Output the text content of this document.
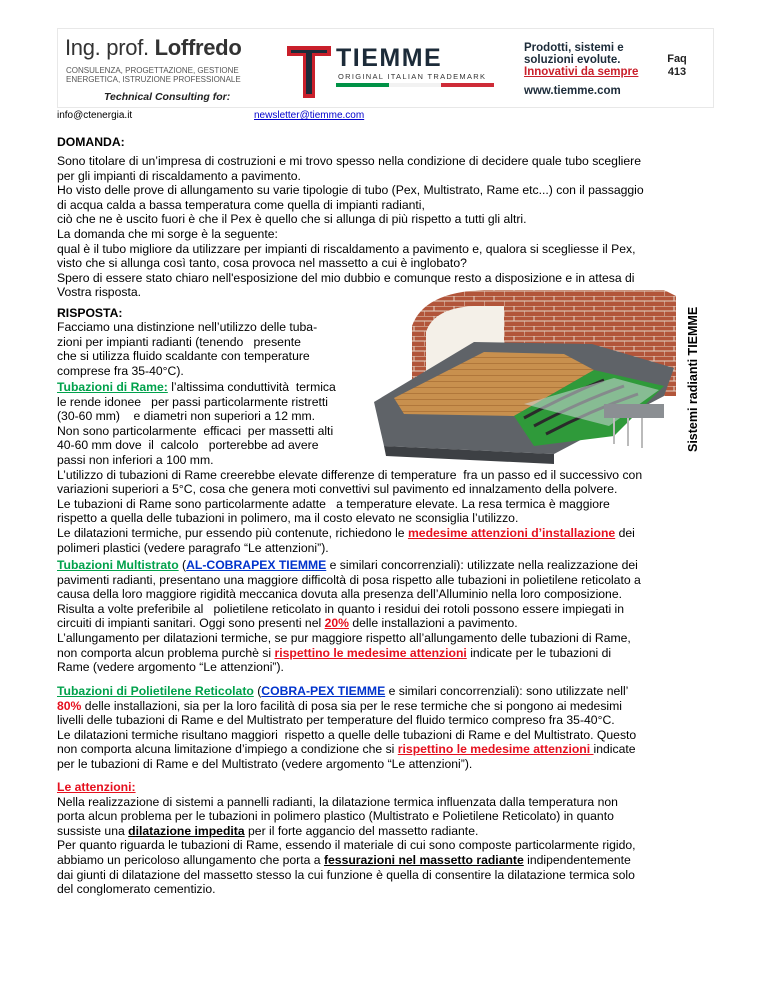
Ing. prof. Loffredo
CONSULENZA, PROGETTAZIONE, GESTIONE
ENERGETICA, ISTRUZIONE PROFESSIONALE
Technical Consulting for:
TIEMME
ORIGINAL ITALIAN TRADEMARK
Prodotti, sistemi e
soluzioni evolute.
Innovativi da sempre
www.tiemme.com
Faq
413
info@ctenergia.it	newsletter@tiemme.com

DOMANDA:

Sono titolare di un’impresa di costruzioni e mi trovo spesso nella condizione di decidere quale tubo scegliere
per gli impianti di riscaldamento a pavimento.
Ho visto delle prove di allungamento su varie tipologie di tubo (Pex, Multistrato, Rame etc...) con il passaggio
di acqua calda a bassa temperatura come quella di impianti radianti,
ciò che ne è uscito fuori è che il Pex è quello che si allunga di più rispetto a tutti gli altri.
La domanda che mi sorge è la seguente:
qual è il tubo migliore da utilizzare per impianti di riscaldamento a pavimento e, qualora si scegliesse il Pex,
visto che si allunga così tanto, cosa provoca nel massetto a cui è inglobato?
Spero di essere stato chiaro nell'esposizione del mio dubbio e comunque resto a disposizione e in attesa di
Vostra risposta.
Sistemi radianti TIEMME

RISPOSTA:

Facciamo una distinzione nell’utilizzo delle tuba-
zioni per impianti radianti (tenendo   presente
che si utilizza fluido scaldante con temperature
comprese fra 35-40°C).
Tubazioni di Rame: l’altissima conduttività  termica
le rende idonee   per passi particolarmente ristretti
(30-60 mm)    e diametri non superiori a 12 mm.
Non sono particolarmente  efficaci  per massetti alti
40-60 mm dove  il  calcolo   porterebbe ad avere
passi non inferiori a 100 mm.
L’utilizzo di tubazioni di Rame creerebbe elevate differenze di temperature  fra un passo ed il successivo con
variazioni superiori a 5°C, cosa che genera moti convettivi sul pavimento ed innalzamento della polvere.
Le tubazioni di Rame sono particolarmente adatte   a temperature elevate. La resa termica è maggiore
rispetto a quella delle tubazioni in polimero, ma il costo elevato ne sconsiglia l’utilizzo.
Le dilatazioni termiche, pur essendo più contenute, richiedono le medesime attenzioni d’installazione dei
polimeri plastici (vedere paragrafo “Le attenzioni”).
Tubazioni Multistrato (AL-COBRAPEX TIEMME e similari concorrenziali): utilizzate nella realizzazione dei
pavimenti radianti, presentano una maggiore difficoltà di posa rispetto alle tubazioni in polietilene reticolato a
causa della loro maggiore rigidità meccanica dovuta alla presenza dell’Alluminio nella loro composizione.
Risulta a volte preferibile al   polietilene reticolato in quanto i residui dei rotoli possono essere impiegati in
circuiti di impianti sanitari. Oggi sono presenti nel 20% delle installazioni a pavimento.
L’allungamento per dilatazioni termiche, se pur maggiore rispetto all’allungamento delle tubazioni di Rame,
non comporta alcun problema purchè si rispettino le medesime attenzioni indicate per le tubazioni di
Rame (vedere argomento “Le attenzioni”).
Tubazioni di Polietilene Reticolato (COBRA-PEX TIEMME e similari concorrenziali): sono utilizzate nell’
80% delle installazioni, sia per la loro facilità di posa sia per le rese termiche che si pongono ai medesimi
livelli delle tubazioni di Rame e del Multistrato per temperature del fluido termico compreso fra 35-40°C.
Le dilatazioni termiche risultano maggiori  rispetto a quelle delle tubazioni di Rame e del Multistrato. Questo
non comporta alcuna limitazione d’impiego a condizione che si rispettino le medesime attenzioni indicate
per le tubazioni di Rame e del Multistrato (vedere argomento “Le attenzioni”).
Le attenzioni:
Nella realizzazione di sistemi a pannelli radianti, la dilatazione termica influenzata dalla temperatura non
porta alcun problema per le tubazioni in polimero plastico (Multistrato e Polietilene Reticolato) in quanto
sussiste una dilatazione impedita per il forte aggancio del massetto radiante.
Per quanto riguarda le tubazioni di Rame, essendo il materiale di cui sono composte particolarmente rigido,
abbiamo un pericoloso allungamento che porta a fessurazioni nel massetto radiante indipendentemente
dai giunti di dilatazione del massetto stesso la cui funzione è quella di consentire la dilatazione termica solo
del conglomerato cementizio.
